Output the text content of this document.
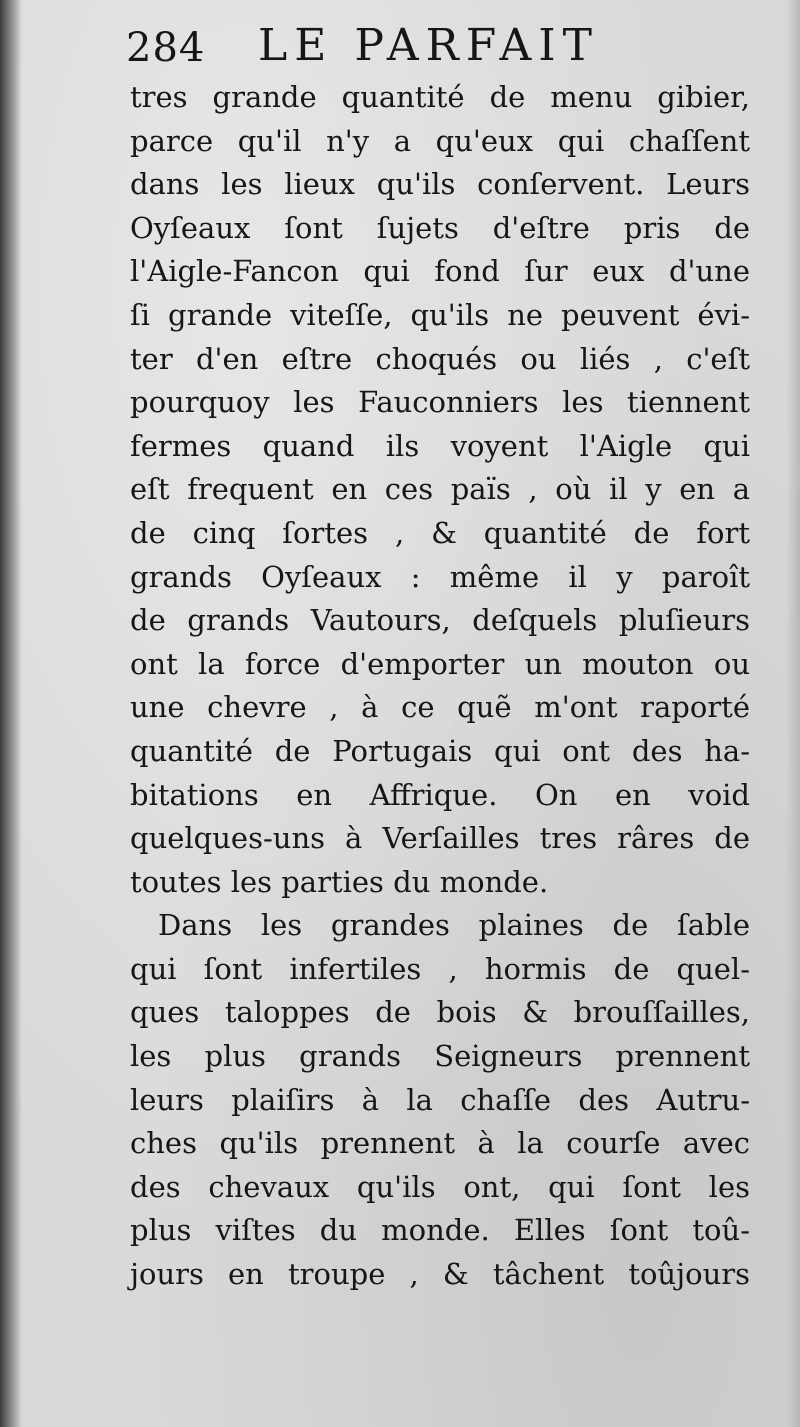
284 LE PARFAIT
tres grande quantité de menu gibier,
parce qu'il n'y a qu'eux qui chaſſent
dans les lieux qu'ils conſervent. Leurs
Oyſeaux ſont ſujets d'eſtre pris de
l'Aigle-Fancon qui fond ſur eux d'une
ſi grande viteſſe, qu'ils ne peuvent évi-
ter d'en eſtre choqués ou liés , c'eſt
pourquoy les Fauconniers les tiennent
fermes quand ils voyent l'Aigle qui
eſt frequent en ces païs , où il y en a
de cinq ſortes , & quantité de fort
grands Oyſeaux : même il y paroît
de grands Vautours, deſquels pluſieurs
ont la force d'emporter un mouton ou
une chevre , à ce quẽ m'ont raporté
quantité de Portugais qui ont des ha-
bitations en Affrique. On en void
quelques-uns à Verſailles tres râres de
toutes les parties du monde.
Dans les grandes plaines de ſable
qui ſont infertiles , hormis de quel-
ques taloppes de bois & brouſſailles,
les plus grands Seigneurs prennent
leurs plaiſirs à la chaſſe des Autru-
ches qu'ils prennent à la courſe avec
des chevaux qu'ils ont, qui ſont les
plus viſtes du monde. Elles ſont toû-
jours en troupe , & tâchent toûjours
